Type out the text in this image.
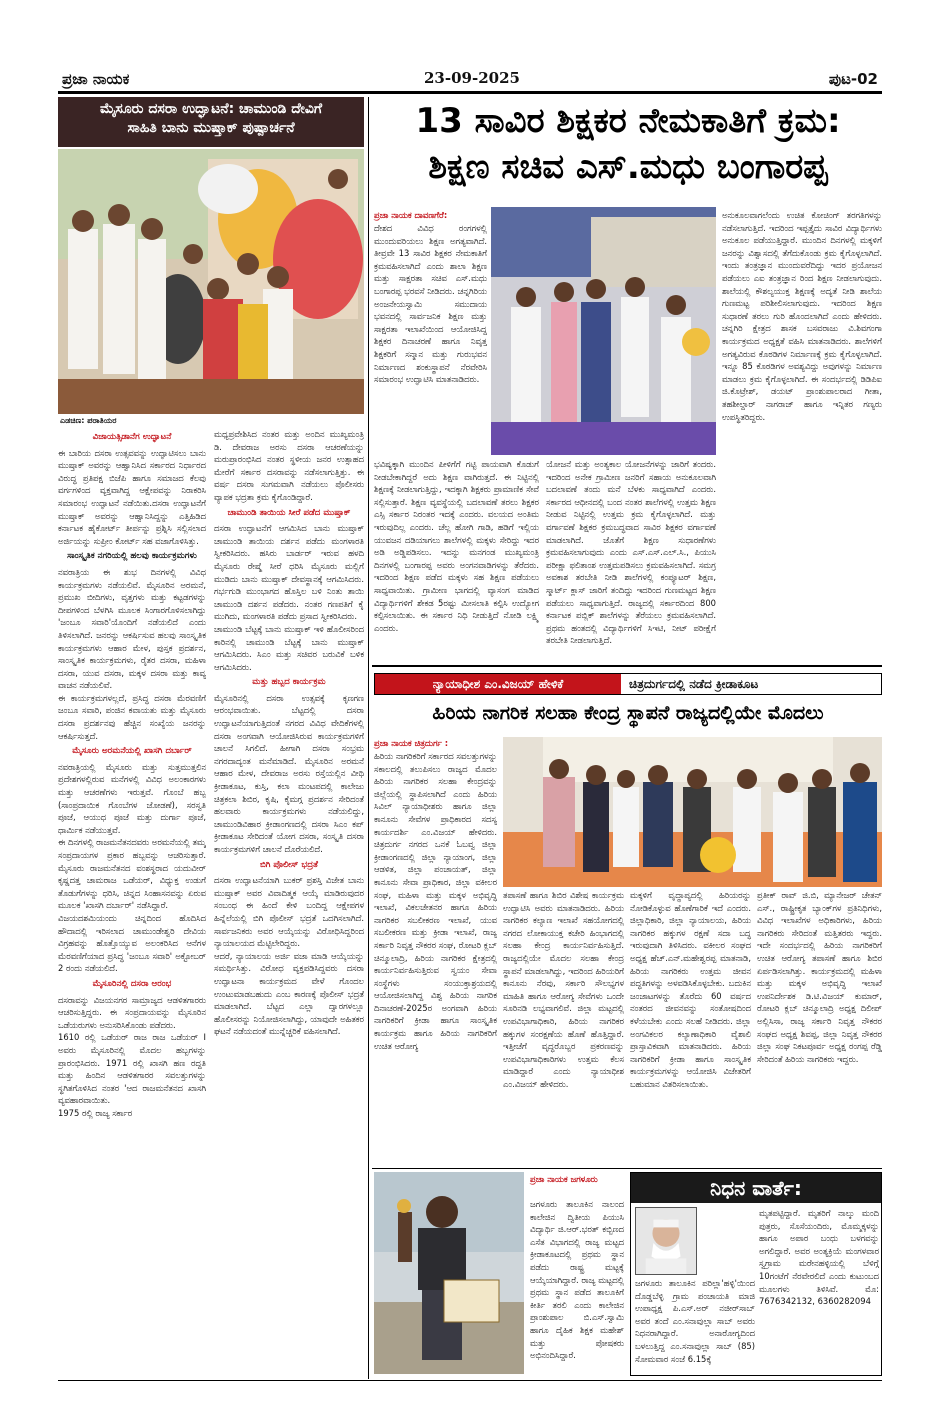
ಪ್ರಜಾ ನಾಯಕ	23-09-2025	ಪುಟ-02
ಮೈಸೂರು ದಸರಾ ಉದ್ಘಾಟನೆ: ಚಾಮುಂಡಿ ದೇವಿಗೆ
ಸಾಹಿತಿ ಬಾನು ಮುಷ್ತಾಕ್ ಪುಷ್ಪಾರ್ಚನೆ
ಎಡಚಿಣ: ಪರಾತಿಯರ
ವಿಜಾಯತ್ಸಿಡಾನೆಗ ಉದ್ಘಾಟನೆ

ಈ ಬಾರಿಯ ದಸರಾ ಉತ್ಸವವನ್ನು ಉದ್ಘಾಟಿಸಲು ಬಾನು ಮುಷ್ತಾಕ್ ಅವರನ್ನು ಆಹ್ವಾನಿಸಿದ ಸರ್ಕಾರದ ನಿರ್ಧಾರದ ವಿರುದ್ಧ ಪ್ರತಿಪಕ್ಷ ಬಿಜೆಪಿ ಹಾಗೂ ಸಮಾಜದ ಕೆಲವು ವರ್ಗಗಳಿಂದ ವ್ಯಕ್ತವಾಗಿದ್ದ ಆಕ್ಷೇಪವನ್ನು ನಿರಾಕರಿಸಿ ಸಮಾರಂಭ ಉದ್ಘಾಟನೆ ನಡೆಯಿತು.ದಸರಾ ಉದ್ಘಾಟನೆಗೆ ಮುಷ್ತಾಕ್ ಅವರನ್ನು ಆಹ್ವಾನಿಸಿದ್ದನ್ನು ಎತ್ತಿಹಿಡಿದ ಕರ್ನಾಟಕ ಹೈಕೋರ್ಟ್ ತೀರ್ಪನ್ನು ಪ್ರಶ್ನಿಸಿ ಸಲ್ಲಿಸಲಾದ ಅರ್ಜಿಯನ್ನು ಸುಪ್ರೀಂ ಕೋರ್ಟ್ ಸಹ ವಜಾಗೊಳಿಸಿತ್ತು.

ಸಾಂಸ್ಕೃತಿಕ ನಗರಿಯಲ್ಲಿ ಹಲವು ಕಾರ್ಯಕ್ರಮಗಳು

ನವರಾತ್ರಿಯ ಈ ಶುಭ ದಿನಗಳಲ್ಲಿ ವಿವಿಧ ಕಾರ್ಯಕ್ರಮಗಳು ನಡೆಯಲಿವೆ. ಮೈಸೂರಿನ ಅರಮನೆ, ಪ್ರಮುಖ ಬೀದಿಗಳು, ವೃತ್ತಗಳು ಮತ್ತು ಕಟ್ಟಡಗಳನ್ನು ದೀಪಗಳಿಂದ ಬೆಳಗಿಸಿ ಮೂಲಕ ಸಿಂಗಾರಗೊಳಿಸಲಾಗಿದ್ದು 'ಜಂಬೂ ಸವಾರಿ'ಯೊಂದಿಗೆ ನಡೆಯಲಿದೆ ಎಂದು ತಿಳಿಸಲಾಗಿದೆ. ಜನರನ್ನು ಆಕರ್ಷಿಸುವ ಹಲವು ಸಾಂಸ್ಕೃತಿಕ ಕಾರ್ಯಕ್ರಮಗಳು ಆಹಾರ ಮೇಳ, ಪುಸ್ತಕ ಪ್ರದರ್ಶನ, ಸಾಂಸ್ಕೃತಿಕ ಕಾರ್ಯಕ್ರಮಗಳು, ರೈತರ ದಸರಾ, ಮಹಿಳಾ ದಸರಾ, ಯುವ ದಸರಾ, ಮಕ್ಕಳ ದಸರಾ ಮತ್ತು ಕಾವ್ಯ ವಾಚನ ನಡೆಯಲಿವೆ.

ಈ ಕಾರ್ಯಕ್ರಮಗಳಲ್ಲದೆ, ಪ್ರಸಿದ್ಧ ದಸರಾ ಮೆರವಣಿಗೆ ಜಂಬೂ ಸವಾರಿ, ಪಂಜಿನ ಕವಾಯತು ಮತ್ತು ಮೈಸೂರು ದಸರಾ ಪ್ರದರ್ಶನವು ಹೆಚ್ಚಿನ ಸಂಖ್ಯೆಯ ಜನರನ್ನು ಆಕರ್ಷಿಸುತ್ತದೆ.

ಮೈಸೂರು ಅರಮನೆಯಲ್ಲಿ ಖಾಸಗಿ ದರ್ಬಾರ್

ನವರಾತ್ರಿಯಲ್ಲಿ ಮೈಸೂರು ಮತ್ತು ಸುತ್ತಮುತ್ತಲಿನ ಪ್ರದೇಶಗಳಲ್ಲಿರುವ ಮನೆಗಳಲ್ಲಿ ವಿವಿಧ ಅಲಂಕಾರಗಳು ಮತ್ತು ಆಚರಣೆಗಳು ಇರುತ್ತವೆ. ಗೊಂಬೆ ಹಬ್ಬ (ಸಾಂಪ್ರದಾಯಿಕ ಗೊಂಬೆಗಳ ಜೋಡಣೆ), ಸರಸ್ವತಿ ಪೂಜೆ, ಆಯುಧ ಪೂಜೆ ಮತ್ತು ದುರ್ಗಾ ಪೂಜೆ, ಧಾರ್ಮಿಕ ನಡೆಯುತ್ತವೆ.

ಈ ದಿನಗಳಲ್ಲಿ ರಾಜಮನೆತನದವರು ಅರಮನೆಯಲ್ಲಿ ತಮ್ಮ ಸಂಪ್ರದಾಯಗಳ ಪ್ರಕಾರ ಹಬ್ಬವನ್ನು ಆಚರಿಸುತ್ತಾರೆ. ಮೈಸೂರು ರಾಜಮನೆತನದ ವಂಶಸ್ಥರಾದ ಯದುವೀರ್ ಕೃಷ್ಣದತ್ತ ಚಾಮರಾಜ ಒಡೆಯರ್, ವಿಧ್ಯುಕ್ತ ಉಡುಗೆ ತೊಡುಗೆಗಳನ್ನು ಧರಿಸಿ, ಚಿನ್ನದ ಸಿಂಹಾಸನವನ್ನು ಏರುವ ಮೂಲಕ 'ಖಾಸಗಿ ದರ್ಬಾರ್' ನಡೆಸಿದ್ದಾರೆ.

ವಿಜಯದಶಮಿಯಂದು ಚಿನ್ನದಿಂದ ಹೊದಿಸಿದ ಹೌದಾದಲ್ಲಿ ಇರಿಸಲಾದ ಚಾಮುಂಡೇಶ್ವರಿ ದೇವಿಯ ವಿಗ್ರಹವನ್ನು ಹೊತ್ತೊಯ್ಯುವ ಅಲಂಕರಿಸಿದ ಆನೆಗಳ ಮೆರವಣಿಗೆಯಾದ ಪ್ರಸಿದ್ಧ 'ಜಂಬೂ ಸವಾರಿ' ಅಕ್ಟೋಬರ್ 2 ರಂದು ನಡೆಯಲಿದೆ.

ಮೈಸೂರಿನಲ್ಲಿ ದಸರಾ ಆರಂಭ

ದಸರಾವನ್ನು ವಿಜಯನಗರ ಸಾಮ್ರಾಜ್ಯದ ಆಡಳಿತಗಾರರು ಆಚರಿಸುತ್ತಿದ್ದರು. ಈ ಸಂಪ್ರದಾಯವನ್ನು ಮೈಸೂರಿನ ಒಡೆಯರುಗಳು ಅನುಸರಿಸಿಕೊಂಡು ಪಡೆದರು.

1610 ರಲ್ಲಿ ಒಡೆಯರ್ ರಾಜ ರಾಜ ಒಡೆಯರ್ I ಅವರು ಮೈಸೂರಿನಲ್ಲಿ ಮೊದಲ ಹಬ್ಬಗಳನ್ನು ಪ್ರಾರಂಭಿಸಿದರು. 1971 ರಲ್ಲಿ ಖಾಸಗಿ ಹಣ ರದ್ದತಿ ಮತ್ತು ಹಿಂದಿನ ಆಡಳಿತಗಾರರ ಸವಲತ್ತುಗಳನ್ನು ಸ್ಥಗಿತಗೊಳಿಸಿದ ನಂತರ 'ಆದ ರಾಜಮನೆತನದ ಖಾಸಗಿ ವ್ಯವಹಾರವಾಯಿತು.

1975 ರಲ್ಲಿ ರಾಜ್ಯ ಸರ್ಕಾರ

ಮಧ್ಯಪ್ರವೇಶಿಸಿದ ನಂತರ ಮತ್ತು ಅಂದಿನ ಮುಖ್ಯಮಂತ್ರಿ ಡಿ. ದೇವರಾಜ ಅರಸು ದಸರಾ ಆಚರಣೆಯನ್ನು ಮರುಪ್ರಾರಂಭಿಸಿದ ನಂತರ ಸ್ಥಳೀಯ ಜನರ ಉತ್ಸಾಹದ ಮೇರೆಗೆ ಸರ್ಕಾರ ದಸರಾವನ್ನು ನಡೆಸಲಾಗುತ್ತಿತ್ತು. ಈ ವರ್ಷ ದಸರಾ ಸುಗಮವಾಗಿ ನಡೆಯಲು ಪೊಲೀಸರು ವ್ಯಾಪಕ ಭದ್ರತಾ ಕ್ರಮ ಕೈಗೊಂಡಿದ್ದಾರೆ.

ಚಾಮುಂಡಿ ತಾಯಿಯ ಸೀರೆ ಪಡೆದ ಮುಷ್ತಾಕ್

ದಸರಾ ಉದ್ಘಾಟನೆಗೆ ಆಗಮಿಸಿದ ಬಾನು ಮುಷ್ತಾಕ್ ಚಾಮುಂಡಿ ತಾಯಿಯ ದರ್ಶನ ಪಡೆದು ಮಂಗಳಾರತಿ ಸ್ವೀಕರಿಸಿದರು. ಹಸಿರು ಬಾರ್ಡರ್ ಇರುವ ಹಳದಿ ಮೈಸೂರು ರೇಷ್ಮೆ ಸೀರೆ ಧರಿಸಿ ಮೈಸೂರು ಮಲ್ಲಿಗೆ ಮುಡಿದು ಬಾನು ಮುಷ್ತಾಕ್ ದೇವಸ್ಥಾನಕ್ಕೆ ಆಗಮಿಸಿದರು. ಗರ್ಭಗುಡಿ ಮುಂಭಾಗದ ಹೊಸ್ತಿಲ ಬಳಿ ನಿಂತು ತಾಯಿ ಚಾಮುಂಡಿ ದರ್ಶನ ಪಡೆದರು. ನಂತರ ಗಣಪತಿಗೆ ಕೈ ಮುಗಿದು, ಮಂಗಳಾರತಿ ಪಡೆದು ಪ್ರಸಾದ ಸ್ವೀಕರಿಸಿದರು.

ಚಾಮುಂಡಿ ಬೆಟ್ಟಕ್ಕೆ ಬಾನು ಮುಷ್ತಾಕ್ ಇಳಿ ಹೊಲೀಸರಿಂದ ಕಾರಿನಲ್ಲಿ ಚಾಮುಂಡಿ ಬೆಟ್ಟಕ್ಕೆ ಬಾನು ಮುಷ್ತಾಕ್ ಆಗಮಿಸಿದರು. ಸಿಎಂ ಮತ್ತು ಸಚಿವರ ಬರುವಿಕೆ ಬಳಿಕ ಆಗಮಿಸಿದರು.

ಮತ್ತು ಹಬ್ಬದ ಕಾರ್ಯಕ್ರಮ

ಮೈಸೂರಿನಲ್ಲಿ ದಸರಾ ಉತ್ಸವಕ್ಕೆ ಕೃಣಗಣ ಆರಂಭವಾಯಿತು. ಬೆಟ್ಟದಲ್ಲಿ ದಸರಾ ಉದ್ಘಾಟನೆಯಾಗುತ್ತಿದಂತೆ ನಗರದ ವಿವಿಧ ವೇದಿಕೆಗಳಲ್ಲಿ ದಸರಾ ಅಂಗವಾಗಿ ಆಯೋಜಿಸಿರುವ ಕಾರ್ಯಕ್ರಮಗಳಿಗೆ ಚಾಲನೆ ಸಿಗಲಿದೆ. ಹೀಗಾಗಿ ದಸರಾ ಸಂಭ್ರಮ ನಗರದಾದ್ಯಂತ ಮನೆಮಾಡಿದೆ. ಮೈಸೂರಿನ ಅರಮನೆ ಆಹಾರ ಮೇಳ, ದೇವರಾಜ ಅರಸು ರಸ್ತೆಯಲ್ಲಿನ ವೀಥಿ ಕ್ರೀಡಾಕೂಟ, ಕುಸ್ತಿ, ಕಲಾ ಮಂಟಪದಲ್ಲಿ ಕಾಲೇಜು ಚಿತ್ರಕಲಾ ಶಿಬಿರ, ಕೃಷಿ, ಕೈಮಗ್ಗ ಪ್ರದರ್ಶನ ಸೇರಿದಂತೆ ಹಲವಾರು ಕಾರ್ಯಕ್ರಮಗಳು ನಡೆಯಲಿದ್ದು, ಚಾಮುಂಡಿವಿಹಾರ ಕ್ರೀಡಾಂಗಣದಲ್ಲಿ ದಸರಾ ಸಿಎಂ ಕಪ್ ಕ್ರೀಡಾಕೂಟ ಸೇರಿದಂತೆ ಯೋಗ ದಸರಾ, ಸಂಸ್ಕೃತಿ ದಸರಾ ಕಾರ್ಯಕ್ರಮಗಳಿಗೆ ಚಾಲನೆ ದೊರೆಯಲಿದೆ.

ಬಿಗಿ ಪೊಲೀಸ್ ಭದ್ರತೆ

ದಸರಾ ಉದ್ಘಾಟನೆಯಾಗಿ ಬುಕರ್ ಪ್ರಶಸ್ತಿ ವಿಜೇತ ಬಾನು ಮುಷ್ತಾಕ್ ಅವರ ವಿವಾದಿತ್ಮಕ ಆಯ್ಕೆ ಮಾಡಿರುವುದರ ಸಂಬಂಧ ಈ ಹಿಂದೆ ಕೇಳಿ ಬಂದಿದ್ದ ಆಕ್ಷೇಪಗಳ ಹಿನ್ನೆಲೆಯಲ್ಲಿ ಬಿಗಿ ಪೊಲೀಸ್ ಭದ್ರತೆ ಒದಗಿಸಲಾಗಿದೆ. ಸಾರ್ವಜನಿಕರು ಅವರ ಆಯ್ಕೆಯನ್ನು ವಿರೋಧಿಸಿದ್ದರಿಂದ ನ್ಯಾಯಾಲಯದ ಮೆಟ್ಟಿಲೇರಿದ್ದರು.

ಆದರೆ, ನ್ಯಾಯಾಲಯ ಅರ್ಜಿ ವಜಾ ಮಾಡಿ ಆಯ್ಕೆಯನ್ನು ಸಮರ್ಥಿಸಿತ್ತು. ವಿರೋಧ ವ್ಯಕ್ತಪಡಿಸಿದ್ದವರು ದಸರಾ ಉದ್ಘಾಟನಾ ಕಾರ್ಯಕ್ರಮದ ವೇಳೆ ಗೊಂದಲ ಉಂಟುಮಾಡಬಹುದು ಎಂಬ ಕಾರಣಕ್ಕೆ ಪೊಲೀಸ್ ಭದ್ರತೆ ಮಾಡಲಾಗಿದೆ. ಬೆಟ್ಟದ ಎಲ್ಲಾ ದ್ವಾರಗಳಲ್ಲೂ ಹೊಲೀಸರನ್ನು ನಿಯೋಜಿಸಲಾಗಿದ್ದು, ಯಾವುದೇ ಅಹಿತಕರ ಘಟನೆ ನಡೆಯದಂತೆ ಮುನ್ನೆಚ್ಚರಿಕೆ ವಹಿಸಲಾಗಿದೆ.

13 ಸಾವಿರ ಶಿಕ್ಷಕರ ನೇಮಕಾತಿಗೆ ಕ್ರಮ:
ಶಿಕ್ಷಣ ಸಚಿವ ಎಸ್.ಮಧು ಬಂಗಾರಪ್ಪ
ಪ್ರಜಾ ನಾಯಕ ದಾವಣಗೆರೆ:
ದೇಶದ ವಿವಿಧ ರಂಗಗಳಲ್ಲಿ ಮುಂದುವರಿಯಲು ಶಿಕ್ಷಣ ಅಗತ್ಯವಾಗಿದೆ. ತೀವ್ರವೇ 13 ಸಾವಿರ ಶಿಕ್ಷಕರ ನೇಮಕಾತಿಗೆ ಕ್ರಮವಹಿಸಲಾಗಿದೆ ಎಂದು ಶಾಲಾ ಶಿಕ್ಷಣ ಮತ್ತು ಸಾಕ್ಷರತಾ ಸಚಿವ ಎಸ್.ಮಧು ಬಂಗಾರಪ್ಪ ಭರವಸೆ ನೀಡಿದರು. ಚನ್ನಗಿರಿಯ ಅಂಜನೇಯಸ್ವಾಮಿ ಸಮುದಾಯ ಭವನದಲ್ಲಿ ಸಾರ್ವಜನಿಕ ಶಿಕ್ಷಣ ಮತ್ತು ಸಾಕ್ಷರತಾ ಇಲಾಖೆಯಿಂದ ಆಯೋಜಿಸಿದ್ದ ಶಿಕ್ಷಕರ ದಿನಾಚರಣೆ ಹಾಗೂ ನಿವೃತ್ತ ಶಿಕ್ಷಕರಿಗೆ ಸನ್ಮಾನ ಮತ್ತು ಗುರುಭವನ ನಿರ್ಮಾಣದ ಶಂಕುಸ್ಥಾಪನೆ ನೆರವೇರಿಸಿ ಸಮಾರಂಭ ಉದ್ಘಾಟಿಸಿ ಮಾತನಾಡಿದರು.
ಅನುಕೂಲವಾಗಲೆಂದು ಉಚಿತ ಕೋಚಿಂಗ್ ತರಗತಿಗಳನ್ನು ನಡೆಸಲಾಗುತ್ತಿದೆ. ಇದರಿಂದ ಇಪ್ಪತ್ತೈದು ಸಾವಿರ ವಿದ್ಯಾರ್ಥಿಗಳು ಅನುಕೂಲ ಪಡೆಯುತ್ತಿದ್ದಾರೆ. ಮುಂದಿನ ದಿನಗಳಲ್ಲಿ ಮಕ್ಕಳಿಗೆ ಜನರನ್ನು ವಿಶ್ವಾಸದಲ್ಲಿ ತೆಗೆದುಕೊಂಡು ಕ್ರಮ ಕೈಗೊಳ್ಳಲಾಗಿದೆ. ಇಂದು ತಂತ್ರಜ್ಞಾನ ಮುಂದುವರೆದಿದ್ದು ಇದರ ಪ್ರಯೋಜನ ಪಡೆಯಲು ಎಐ ತಂತ್ರಜ್ಞಾನ ರಿಂದ ಶಿಕ್ಷಣ ನೀಡಲಾಗುವುದು. ಶಾಲೆಯಲ್ಲಿ ಕೌಶಲ್ಯಯುಕ್ತ ಶಿಕ್ಷಣಕ್ಕೆ ಅದ್ಯತೆ ನೀಡಿ ಶಾಲೆಯ ಗುಣಮಟ್ಟ ಪರಿಶೀಲಿಸಲಾಗುವುದು. ಇದರಿಂದ ಶಿಕ್ಷಣ ಸುಧಾರಣೆ ತರಲು ಗುರಿ ಹೊಂದಲಾಗಿದೆ ಎಂದು ಹೇಳಿದರು. ಚನ್ನಗಿರಿ ಕ್ಷೇತ್ರದ ಶಾಸಕ ಬಸವರಾಜು ವಿ.ಶಿವಗಂಗಾ ಕಾರ್ಯಕ್ರಮದ ಅಧ್ಯಕ್ಷತೆ ವಹಿಸಿ ಮಾತನಾಡಿದರು. ಶಾಲೆಗಳಿಗೆ ಅಗತ್ಯವಿರುವ ಕೊಠಡಿಗಳ ನಿರ್ಮಾಣಕ್ಕೆ ಕ್ರಮ ಕೈಗೊಳ್ಳಲಾಗಿದೆ. ಇನ್ನೂ 85 ಕೊಠಡಿಗಳ ಅವಶ್ಯವಿದ್ದು ಅವುಗಳನ್ನು ನಿರ್ಮಾಣ ಮಾಡಲು ಕ್ರಮ ಕೈಗೊಳ್ಳಲಾಗಿದೆ. ಈ ಸಂದರ್ಭದಲ್ಲಿ ಡಿಡಿಪಿಐ ಜಿ.ಕೊಟ್ರೇಶ್, ಡಯಟ್ ಪ್ರಾಂಶುಪಾಲರಾದ ಗೀತಾ, ತಹಶೀಲ್ದಾರ್ ನಾಗರಾಜ್ ಹಾಗೂ ಇನ್ನಿತರ ಗಣ್ಯರು ಉಪಸ್ಥಿತರಿದ್ದರು.
ಭವಿಷ್ಯಕ್ಕಾಗಿ ಮುಂದಿನ ಪೀಳಿಗೆಗೆ ಗಟ್ಟಿ ಪಾಯವಾಗಿ ಕೊಡುಗೆ ನೀಡಬೇಕಾಗಿದ್ದರೆ ಅದು ಶಿಕ್ಷಣ ವಾಗಿರುತ್ತದೆ. ಈ ನಿಟ್ಟಿನಲ್ಲಿ ಶಿಕ್ಷಣಕ್ಕೆ ನೀಡಲಾಗುತ್ತಿದ್ದು, ಇದಕ್ಕಾಗಿ ಶಿಕ್ಷಕರು ಪ್ರಾಮಾಣಿಕ ಸೇವೆ ಸಲ್ಲಿಸುತ್ತಾರೆ. ಶಿಕ್ಷಣ ವ್ಯವಸ್ಥೆಯಲ್ಲಿ ಬದಲಾವಣೆ ತರಲು ಶಿಕ್ಷಕರ ಎಸ್ಸಿ ಸರ್ಕಾರ ನಿರಂತರ ಇದಕ್ಕೆ ಎಂದರು. ವಲಯದ ಅಂತಿಮ ಇರುವುದಿಲ್ಲ ಎಂದರು. ಚೆಲ್ಲ ಹೋಗಿ ಗಾಡಿ, ಹಡಿಗೆ ಇಲ್ಲಿಯ ಯುವಜನ ದಡಿಯಾಗಲು ಶಾಲೆಗಳಲ್ಲಿ ಮಕ್ಕಳು ಸೇರಿದ್ದು ಇದರ ಅಡಿ ಅಡ್ಡಿಪಡಿಸಲು. ಇದನ್ನು ಮನಗಂಡ ಮುಖ್ಯಮಂತ್ರಿ ದಿನಗಳಲ್ಲಿ ಬಂಗಾರಪ್ಪ ಅವರು ಅಂಗನವಾಡಿಗಳನ್ನು ತೆರೆದರು. ಇದರಿಂದ ಶಿಕ್ಷಣ ಪಡೆದ ಮಕ್ಕಳು ಸಹ ಶಿಕ್ಷಣ ಪಡೆಯಲು ಸಾಧ್ಯವಾಯಿತು. ಗ್ರಾಮೀಣ ಭಾಗದಲ್ಲಿ ವ್ಯಾಸಂಗ ಮಾಡಿದ ವಿದ್ಯಾರ್ಥಿಗಳಿಗೆ ಶೇಕಡ 5ರಷ್ಟು ಮೀಸಲಾತಿ ಕಲ್ಪಿಸಿ ಉದ್ಯೋಗ ಕಲ್ಪಿಸಲಾಯಿತು. ಈ ಸರ್ಕಾರ ನಿಧಿ ನೀಡುತ್ತಿದೆ ನೋಡಿ ಲಕ್ಷ್ಮಿ ಎಂದರು.
ಯೋಜನೆ ಮತ್ತು ಅಂತ್ಯಕಾಲ ಯೋಜನೆಗಳನ್ನು ಜಾರಿಗೆ ತಂದರು. ಇದರಿಂದ ಅನೇಕ ಗ್ರಾಮೀಣ ಜನರಿಗೆ ಸಹಾಯ ಅನುಕೂಲವಾಗಿ ಬದಲಾವಣೆ ತಂದು ಮನೆ ಬೆಳಕು ಸಾಧ್ಯವಾಗಿದೆ ಎಂದರು. ಸರ್ಕಾರದ ಆಧೀನದಲ್ಲಿ ಬಂದ ನಂತರ ಶಾಲೆಗಳಲ್ಲಿ ಉತ್ತಮ ಶಿಕ್ಷಣ ನೀಡುವ ನಿಟ್ಟಿನಲ್ಲಿ ಉತ್ತಮ ಕ್ರಮ ಕೈಗೊಳ್ಳಲಾಗಿದೆ. ಮತ್ತು ವರ್ಗಾವಣೆ ಶಿಕ್ಷಕರ ಕ್ರಮಬದ್ಧವಾದ ಸಾವಿರ ಶಿಕ್ಷಕರ ವರ್ಗಾವಣೆ ಮಾಡಲಾಗಿದೆ. ಜೊತೆಗೆ ಶಿಕ್ಷಣ ಸುಧಾರಣೆಗಳು ಕ್ರಮವಹಿಸಲಾಗುವುದು ಎಂದು ಎಸ್.ಎಸ್.ಎಲ್.ಸಿ., ಪಿಯುಸಿ ಪರೀಕ್ಷಾ ಫಲಿತಾಂಶ ಉತ್ತಮಪಡಿಸಲು ಕ್ರಮವಹಿಸಲಾಗಿದೆ. ಸಮಗ್ರ ಅವಕಾಶ ತರಬೇತಿ ನೀಡಿ ಶಾಲೆಗಳಲ್ಲಿ ಕಂಪ್ಯೂಟರ್ ಶಿಕ್ಷಣ, ಸ್ಮಾರ್ಟ್ ಕ್ಲಾಸ್ ಜಾರಿಗೆ ತಂದಿದ್ದು ಇದರಿಂದ ಗುಣಮಟ್ಟದ ಶಿಕ್ಷಣ ಪಡೆಯಲು ಸಾಧ್ಯವಾಗುತ್ತಿದೆ. ರಾಜ್ಯದಲ್ಲಿ ಸರ್ಕಾರದಿಂದ 800 ಕರ್ನಾಟಕ ಪಬ್ಲಿಕ್ ಶಾಲೆಗಳನ್ನು ತೆರೆಯಲು ಕ್ರಮವಹಿಸಲಾಗಿದೆ. ಪ್ರಥಮ ಹಂತದಲ್ಲಿ ವಿದ್ಯಾರ್ಥಿಗಳಿಗೆ ಸಿಇಟಿ, ನೀಟ್ ಪರೀಕ್ಷೆಗೆ ತರಬೇತಿ ನೀಡಲಾಗುತ್ತಿದೆ.
ನ್ಯಾಯಾಧೀಶ ಎಂ.ವಿಜಯ್ ಹೇಳಿಕೆ	ಚಿತ್ರದುರ್ಗದಲ್ಲಿ ನಡೆದ ಕ್ರೀಡಾಕೂಟ
ಹಿರಿಯ ನಾಗರಿಕ ಸಲಹಾ ಕೇಂದ್ರ ಸ್ಥಾಪನೆ ರಾಜ್ಯದಲ್ಲಿಯೇ ಮೊದಲು
ಪ್ರಜಾ ನಾಯಕ ಚಿತ್ರದುರ್ಗ :
ಹಿರಿಯ ನಾಗರಿಕರಿಗೆ ಸರ್ಕಾರದ ಸವಲತ್ತುಗಳನ್ನು ಸಕಾಲದಲ್ಲಿ ತಲುಪಿಸಲು ರಾಜ್ಯದ ಮೊದಲ ಹಿರಿಯ ನಾಗರಿಕರ ಸಲಹಾ ಕೇಂದ್ರವನ್ನು ಜಿಲ್ಲೆಯಲ್ಲಿ ಸ್ಥಾಪಿಸಲಾಗಿದೆ ಎಂದು ಹಿರಿಯ ಸಿವಿಲ್ ನ್ಯಾಯಾಧೀಶರು ಹಾಗೂ ಜಿಲ್ಲಾ ಕಾನೂನು ಸೇವೆಗಳ ಪ್ರಾಧಿಕಾರದ ಸದಸ್ಯ ಕಾರ್ಯದರ್ಶಿ ಎಂ.ವಿಜಯ್ ಹೇಳಿದರು. ಚಿತ್ರದುರ್ಗ ನಗರದ ಒನಕೆ ಓಬವ್ವ ಜಿಲ್ಲಾ ಕ್ರೀಡಾಂಗಣದಲ್ಲಿ ಜಿಲ್ಲಾ ನ್ಯಾಯಾಂಗ, ಜಿಲ್ಲಾ ಆಡಳಿತ, ಜಿಲ್ಲಾ ಪಂಚಾಯತ್, ಜಿಲ್ಲಾ ಕಾನೂನು ಸೇವಾ ಪ್ರಾಧಿಕಾರ, ಜಿಲ್ಲಾ ವಕೀಲರ ಸಂಘ, ಮಹಿಳಾ ಮತ್ತು ಮಕ್ಕಳ ಅಭಿವೃದ್ಧಿ ಇಲಾಖೆ, ವಿಕಲಚೇತನರ ಹಾಗೂ ಹಿರಿಯ ನಾಗರಿಕರ ಸಬಲೀಕರಣ ಇಲಾಖೆ, ಯುವ ಸಬಲೀಕರಣ ಮತ್ತು ಕ್ರೀಡಾ ಇಲಾಖೆ, ರಾಜ್ಯ ಸರ್ಕಾರಿ ನಿವೃತ್ತ ನೌಕರರ ಸಂಘ, ರೋಟರಿ ಕ್ಲಬ್ ಚಿನ್ಮೂಲಾದ್ರಿ, ಹಿರಿಯ ನಾಗರಿಕರ ಕ್ಷೇತ್ರದಲ್ಲಿ ಕಾರ್ಯನಿರ್ವಹಿಸುತ್ತಿರುವ ಸ್ವಯಂ ಸೇವಾ ಸಂಸ್ಥೆಗಳು ಸಂಯುಕ್ತಾಶ್ರಯದಲ್ಲಿ ಆಯೋಜಿಸಲಾಗಿದ್ದ ವಿಶ್ವ ಹಿರಿಯ ನಾಗರಿಕ ದಿನಾಚರಣೆ-2025ರ ಅಂಗವಾಗಿ ಹಿರಿಯ ನಾಗರಿಕರಿಗೆ ಕ್ರೀಡಾ ಹಾಗೂ ಸಾಂಸ್ಕೃತಿಕ ಕಾರ್ಯಕ್ರಮ ಹಾಗೂ ಹಿರಿಯ ನಾಗರಿಕರಿಗೆ ಉಚಿತ ಆರೋಗ್ಯ
ತಪಾಸಣೆ ಹಾಗೂ ಶಿಬಿರ ವಿಶೇಷ ಕಾರ್ಯಕ್ರಮ ಉದ್ಘಾಟಿಸಿ ಅವರು ಮಾತನಾಡಿದರು. ಹಿರಿಯ ನಾಗರಿಕರ ಕಲ್ಯಾಣ ಇಲಾಖೆ ಸಹಯೋಗದಲ್ಲಿ ನಗರದ ಲೋಕಾಯುಕ್ತ ಕಚೇರಿ ಹಿಂಭಾಗದಲ್ಲಿ ಸಲಹಾ ಕೇಂದ್ರ ಕಾರ್ಯನಿರ್ವಹಿಸುತ್ತಿದೆ. ರಾಜ್ಯದಲ್ಲಿಯೇ ಮೊದಲ ಸಲಹಾ ಕೇಂದ್ರ ಸ್ಥಾಪನೆ ಮಾಡಲಾಗಿದ್ದು, ಇದರಿಂದ ಹಿರಿಯರಿಗೆ ಕಾನೂನು ನೆರವು, ಸರ್ಕಾರಿ ಸೌಲಭ್ಯಗಳ ಮಾಹಿತಿ ಹಾಗೂ ಆರೋಗ್ಯ ಸೇವೆಗಳು ಒಂದೇ ಸೂರಿನಡಿ ಲಭ್ಯವಾಗಲಿವೆ. ಜಿಲ್ಲಾ ಮಟ್ಟದಲ್ಲಿ ಉಪವಿಭಾಗಾಧಿಕಾರಿ, ಹಿರಿಯ ನಾಗರಿಕರ ಹಕ್ಕುಗಳ ಸಂರಕ್ಷಣೆಯ ಹೊಣೆ ಹೊತ್ತಿದ್ದಾರೆ. ಇತ್ತೀಚೆಗೆ ವೃದ್ಧರೊಬ್ಬರ ಪ್ರಕರಣವನ್ನು ಉಪವಿಭಾಗಾಧಿಕಾರಿಗಳು ಉತ್ತಮ ಕೆಲಸ ಮಾಡಿದ್ದಾರೆ ಎಂದು ನ್ಯಾಯಾಧೀಶ ಎಂ.ವಿಜಯ್ ಹೇಳಿದರು.
ಮಕ್ಕಳಿಗೆ ವೃದ್ಧಾಪ್ಯದಲ್ಲಿ ಹಿರಿಯರನ್ನು ನೋಡಿಕೊಳ್ಳುವ ಹೊಣೆಗಾರಿಕೆ ಇದೆ ಎಂದರು. ಜಿಲ್ಲಾಧಿಕಾರಿ, ಜಿಲ್ಲಾ ನ್ಯಾಯಾಲಯ, ಹಿರಿಯ ನಾಗರಿಕರ ಹಕ್ಕುಗಳ ರಕ್ಷಣೆ ಸದಾ ಬದ್ಧ ಇರುವುದಾಗಿ ತಿಳಿಸಿದರು. ವಕೀಲರ ಸಂಘದ ಅಧ್ಯಕ್ಷ ಹೆಚ್.ಎನ್.ಮಹೇಶ್ವರಪ್ಪ ಮಾತನಾಡಿ, ಹಿರಿಯ ನಾಗರಿಕರು ಉತ್ತಮ ಜೀವನ ಪದ್ಧತಿಗಳನ್ನು ಅಳವಡಿಸಿಕೊಳ್ಳಬೇಕು. ಬದುಕಿನ ಜಂಜಾಟಗಳನ್ನು ತೊರೆದು 60 ವರ್ಷದ ನಂತರದ ಜೀವನವನ್ನು ಸಂತೋಷದಿಂದ ಕಳೆಯಬೇಕು ಎಂದು ಸಲಹೆ ನೀಡಿದರು. ಜಿಲ್ಲಾ ಅಂಗವಿಕಲರ ಕಲ್ಯಾಣಾಧಿಕಾರಿ ವೈಶಾಲಿ ಪ್ರಾಸ್ತಾವಿಕವಾಗಿ ಮಾತನಾಡಿದರು. ಹಿರಿಯ ನಾಗರಿಕರಿಗೆ ಕ್ರೀಡಾ ಹಾಗೂ ಸಾಂಸ್ಕೃತಿಕ ಕಾರ್ಯಕ್ರಮಗಳನ್ನು ಆಯೋಜಿಸಿ ವಿಜೇತರಿಗೆ ಬಹುಮಾನ ವಿತರಿಸಲಾಯಿತು.
ಪ್ರತೀಕ್ ರಾವ್ ಜಿ.ಬಿ, ಮ್ಯಾನೇಜರ್ ಚೇತನ್ ಎಸ್., ರಾಷ್ಟ್ರೀಕೃತ ಬ್ಯಾಂಕ್‌ಗಳ ಪ್ರತಿನಿಧಿಗಳು, ವಿವಿಧ ಇಲಾಖೆಗಳ ಅಧಿಕಾರಿಗಳು, ಹಿರಿಯ ನಾಗರಿಕರು ಸೇರಿದಂತೆ ಮತ್ತಿತರರು ಇದ್ದರು. ಇದೇ ಸಂದರ್ಭದಲ್ಲಿ ಹಿರಿಯ ನಾಗರಿಕರಿಗೆ ಉಚಿತ ಆರೋಗ್ಯ ತಪಾಸಣೆ ಹಾಗೂ ಶಿಬಿರ ಏರ್ಪಡಿಸಲಾಗಿತ್ತು. ಕಾರ್ಯಕ್ರಮದಲ್ಲಿ ಮಹಿಳಾ ಮತ್ತು ಮಕ್ಕಳ ಅಭಿವೃದ್ಧಿ ಇಲಾಖೆ ಉಪನಿರ್ದೇಶಕ ಡಿ.ಟಿ.ವಿಜಯ್ ಕುಮಾರ್, ರೋಟರಿ ಕ್ಲಬ್ ಚಿನ್ಮೂಲಾದ್ರಿ ಅಧ್ಯಕ್ಷ ದಿಲೀಪ್ ಅಲ್ಲಿಸಿಸಾ, ರಾಜ್ಯ ಸರ್ಕಾರಿ ನಿವೃತ್ತ ನೌಕರರ ಸಂಘದ ಅಧ್ಯಕ್ಷ ಶಿವಪ್ಪ, ಜಿಲ್ಲಾ ನಿವೃತ್ತ ನೌಕರರ ಜಿಲ್ಲಾ ಸಂಘ ನಿಕಟಪೂರ್ವ ಅಧ್ಯಕ್ಷ ರಂಗಪ್ಪ ರೆಡ್ಡಿ ಸೇರಿದಂತೆ ಹಿರಿಯ ನಾಗರಿಕರು ಇದ್ದರು.
ಪ್ರಜಾ ನಾಯಕ ಜಗಳೂರು
ಜಗಳೂರು ತಾಲೂಕಿನ ನಾಲಂದ ಕಾಲೇಜಿನ ದ್ವಿತೀಯ ಪಿಯುಸಿ ವಿದ್ಯಾರ್ಥಿ ಜಿ.ಆರ್.ಭರತ್ ಕಬ್ಬಿಣದ ಎಸೆತ ವಿಭಾಗದಲ್ಲಿ ರಾಜ್ಯ ಮಟ್ಟದ ಕ್ರೀಡಾಕೂಟದಲ್ಲಿ ಪ್ರಥಮ ಸ್ಥಾನ ಪಡೆದು ರಾಷ್ಟ್ರ ಮಟ್ಟಕ್ಕೆ ಆಯ್ಕೆಯಾಗಿದ್ದಾರೆ. ರಾಜ್ಯ ಮಟ್ಟದಲ್ಲಿ ಪ್ರಥಮ ಸ್ಥಾನ ಪಡೆದ ತಾಲೂಕಿಗೆ ಕೀರ್ತಿ ತರಲಿ ಎಂದು ಕಾಲೇಜಿನ ಪ್ರಾಂಶುಪಾಲ ಬಿ.ಎಸ್.ಸ್ವಾಮಿ ಹಾಗೂ ದೈಹಿಕ ಶಿಕ್ಷಕ ಮಹೇಶ್ ಮತ್ತು ಪೋಷಕರು ಅಭಿನಂದಿಸಿದ್ದಾರೆ.
ನಿಧನ ವಾರ್ತೆ:
ಜಗಳೂರು ತಾಲೂಕಿನ ಪರಿಲ್ಲಾ'ಹಳ್ಳಿ'ಯಿಂದ ದೊಡ್ಡಬೆಳ್ಳಿ ಗ್ರಾಮ ಪಂಚಾಯತಿ ಮಾಜಿ ಉಪಾಧ್ಯಕ್ಷ ಪಿ.ಎಸ್.ಅರ್ ನಜೀರ್‌ಸಾಬ್ ಅವರ ತಂದೆ ಎಂ.ಸನಾವುಲ್ಲಾ ಸಾಬ್ ಅವರು ನಿಧನರಾಗಿದ್ದಾರೆ. ಅನಾರೋಗ್ಯದಿಂದ ಬಳಲುತ್ತಿದ್ದ ಎಂ.ಸನಾವುಲ್ಲಾ ಸಾಬ್ (85) ಸೋಮವಾರ ಸಂಜೆ 6.15ಕ್ಕೆ
ಮೃತಪಟ್ಟಿದ್ದಾರೆ. ಮೃತರಿಗೆ ನಾಲ್ಕು ಮಂದಿ ಪುತ್ರರು, ಸೊಸೆಯಂದಿರು, ಮೊಮ್ಮಕ್ಕಳನ್ನು ಹಾಗೂ ಅಪಾರ ಬಂಧು ಬಳಗವನ್ನು ಅಗಲಿದ್ದಾರೆ. ಅವರ ಅಂತ್ಯಕ್ರಿಯೆ ಮಂಗಳವಾರ ಸ್ವಗ್ರಾಮ ಮರೇನಹಳ್ಳಿಯಲ್ಲಿ ಬೆಳಿಗ್ಗೆ 10ಗಂಟೆಗೆ ನೆರವೇರಲಿದೆ ಎಂದು ಕುಟುಂಬದ ಮೂಲಗಳು ತಿಳಿಸಿವೆ. ಮೊ: 7676342132, 6360282094
